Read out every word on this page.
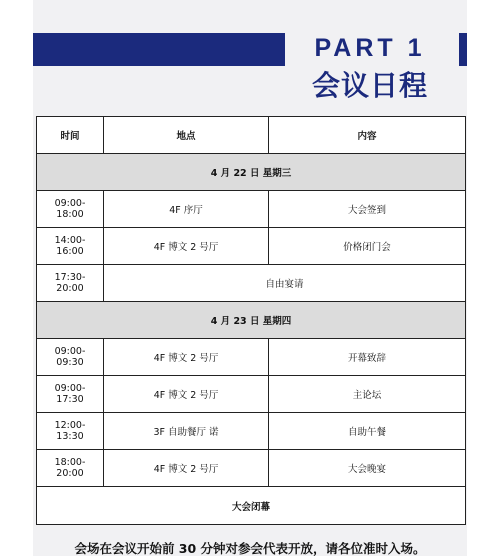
PART 1
会议日程
时间	地点	内容
4 月 22 日 星期三		
09:00-18:00	4F 序厅	大会签到
14:00-16:00	4F 博文 2 号厅	价格闭门会
17:30-20:00	自由宴请	
4 月 23 日 星期四		
09:00-09:30	4F 博文 2 号厅	开幕致辞
09:00-17:30	4F 博文 2 号厅	主论坛
12:00-13:30	3F 自助餐厅 诺	自助午餐
18:00-20:00	4F 博文 2 号厅	大会晚宴
大会闭幕		
会场在会议开始前 30 分钟对参会代表开放，请各位准时入场。
